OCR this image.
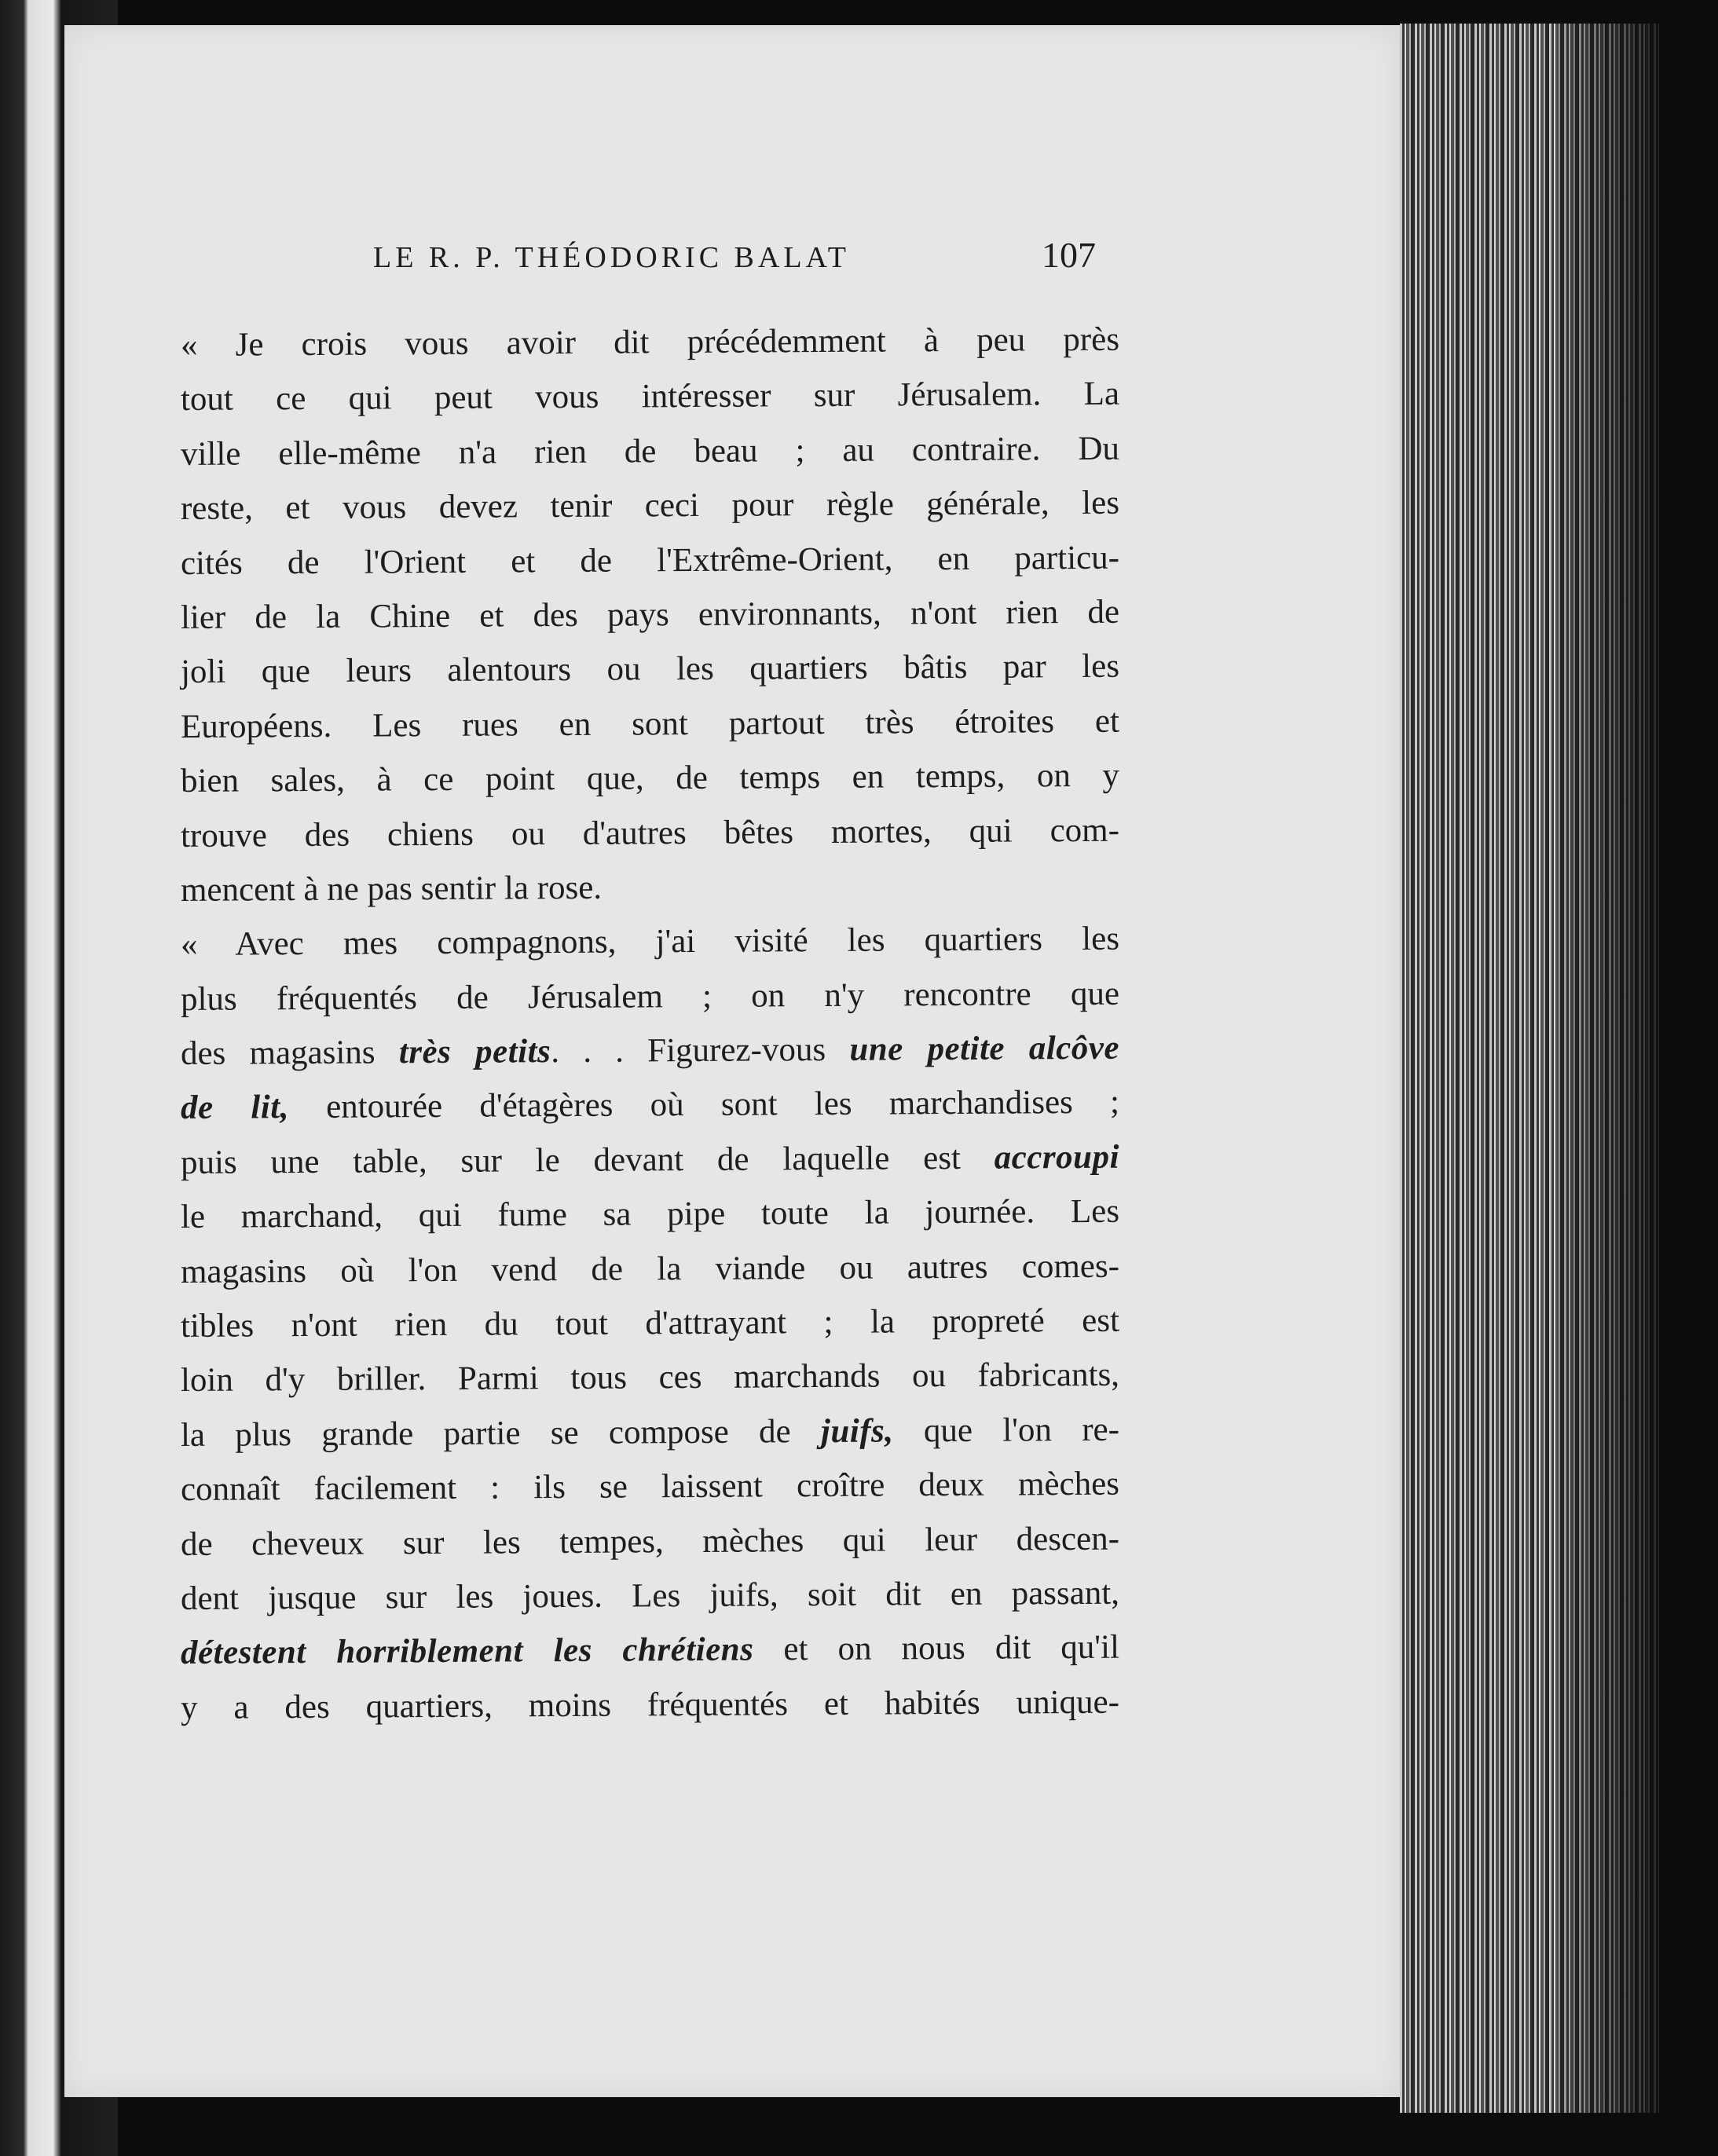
LE R. P. THÉODORIC BALAT	107
« Je crois vous avoir dit précédemment à peu près
tout ce qui peut vous intéresser sur Jérusalem. La
ville elle-même n'a rien de beau ; au contraire. Du
reste, et vous devez tenir ceci pour règle générale, les
cités de l'Orient et de l'Extrême-Orient, en particu-
lier de la Chine et des pays environnants, n'ont rien de
joli que leurs alentours ou les quartiers bâtis par les
Européens. Les rues en sont partout très étroites et
bien sales, à ce point que, de temps en temps, on y
trouve des chiens ou d'autres bêtes mortes, qui com-
mencent à ne pas sentir la rose.
« Avec mes compagnons, j'ai visité les quartiers les
plus fréquentés de Jérusalem ; on n'y rencontre que
des magasins très petits. . . Figurez-vous une petite alcôve
de lit, entourée d'étagères où sont les marchandises ;
puis une table, sur le devant de laquelle est accroupi
le marchand, qui fume sa pipe toute la journée. Les
magasins où l'on vend de la viande ou autres comes-
tibles n'ont rien du tout d'attrayant ; la propreté est
loin d'y briller. Parmi tous ces marchands ou fabricants,
la plus grande partie se compose de juifs, que l'on re-
connaît facilement : ils se laissent croître deux mèches
de cheveux sur les tempes, mèches qui leur descen-
dent jusque sur les joues. Les juifs, soit dit en passant,
détestent horriblement les chrétiens et on nous dit qu'il
y a des quartiers, moins fréquentés et habités unique-
